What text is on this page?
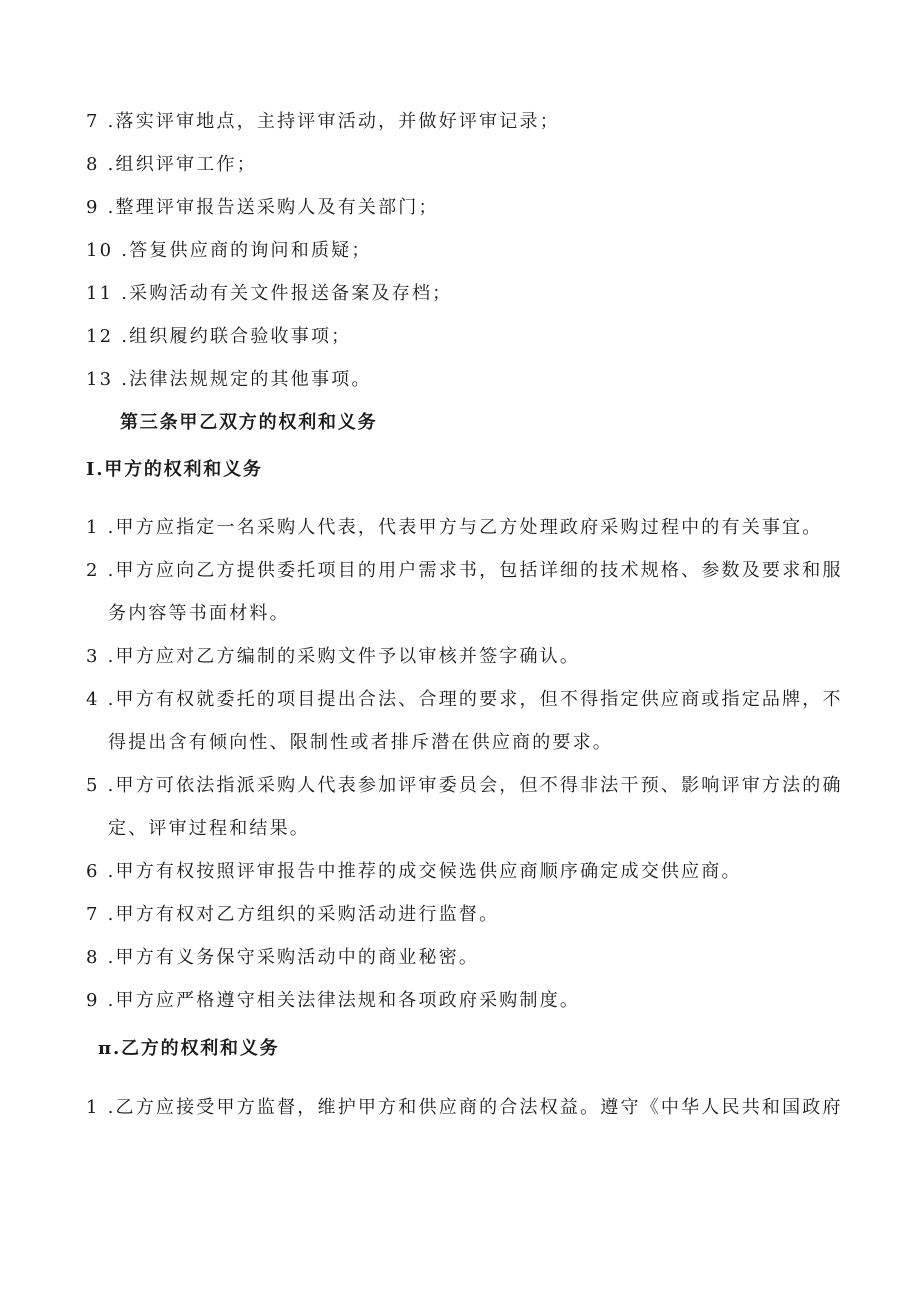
7 .落实评审地点，主持评审活动，并做好评审记录；
8 .组织评审工作；
9 .整理评审报告送采购人及有关部门；
10 .答复供应商的询问和质疑；
11 .采购活动有关文件报送备案及存档；
12 .组织履约联合验收事项；
13 .法律法规规定的其他事项。
第三条甲乙双方的权利和义务
I.甲方的权利和义务
1 .甲方应指定一名采购人代表，代表甲方与乙方处理政府采购过程中的有关事宜。
2 .甲方应向乙方提供委托项目的用户需求书，包括详细的技术规格、参数及要求和服
务内容等书面材料。
3 .甲方应对乙方编制的采购文件予以审核并签字确认。
4 .甲方有权就委托的项目提出合法、合理的要求，但不得指定供应商或指定品牌，不
得提出含有倾向性、限制性或者排斥潜在供应商的要求。
5 .甲方可依法指派采购人代表参加评审委员会，但不得非法干预、影响评审方法的确
定、评审过程和结果。
6 .甲方有权按照评审报告中推荐的成交候选供应商顺序确定成交供应商。
7 .甲方有权对乙方组织的采购活动进行监督。
8 .甲方有义务保守采购活动中的商业秘密。
9 .甲方应严格遵守相关法律法规和各项政府采购制度。
π.乙方的权利和义务
1 .乙方应接受甲方监督，维护甲方和供应商的合法权益。遵守《中华人民共和国政府
